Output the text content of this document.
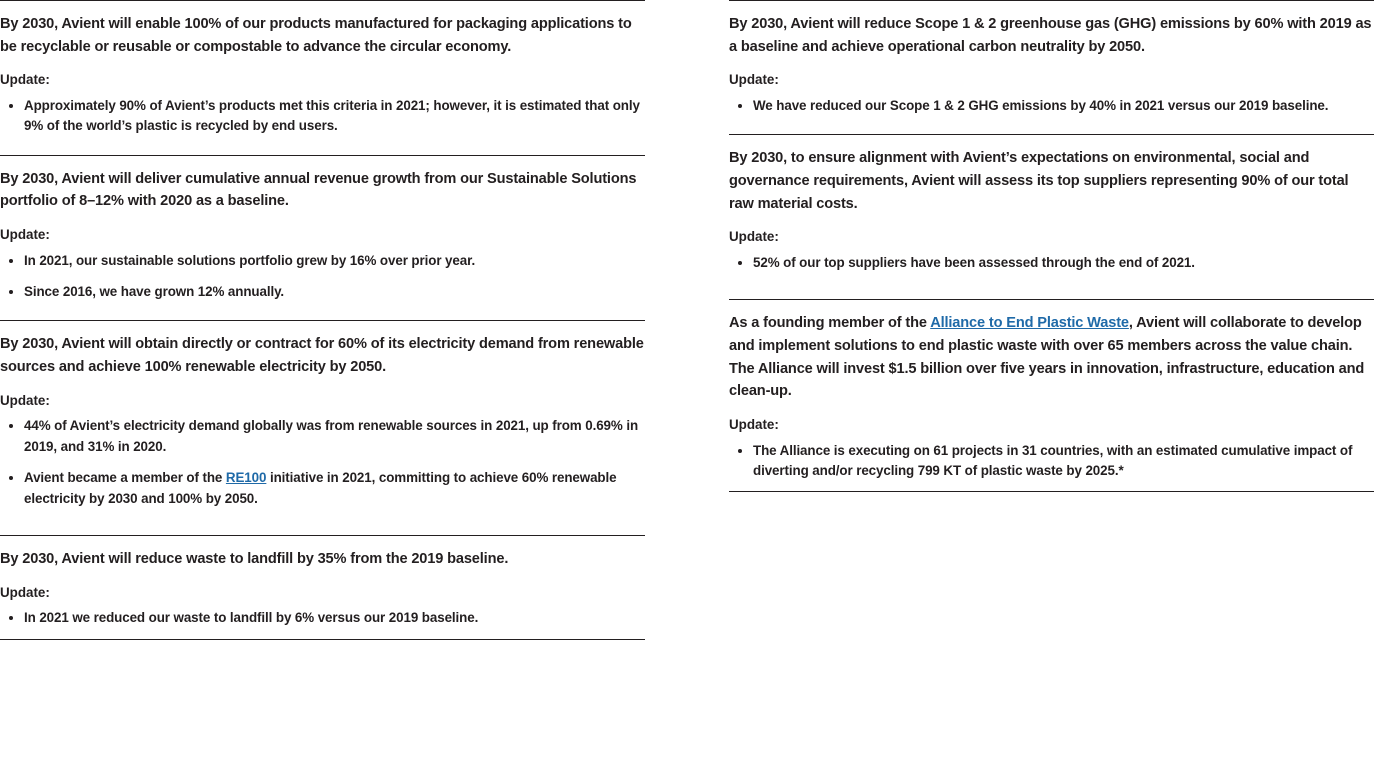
By 2030, Avient will enable 100% of our products manufactured for packaging applications to be recyclable or reusable or compostable to advance the circular economy.

Update:

Approximately 90% of Avient’s products met this criteria in 2021; however, it is estimated that only 9% of the world’s plastic is recycled by end users.

By 2030, Avient will deliver cumulative annual revenue growth from our Sustainable Solutions portfolio of 8–12% with 2020 as a baseline.

Update:

In 2021, our sustainable solutions portfolio grew by 16% over prior year.
Since 2016, we have grown 12% annually.

By 2030, Avient will obtain directly or contract for 60% of its electricity demand from renewable sources and achieve 100% renewable electricity by 2050.

Update:

44% of Avient’s electricity demand globally was from renewable sources in 2021, up from 0.69% in 2019, and 31% in 2020.
Avient became a member of the RE100 initiative in 2021, committing to achieve 60% renewable electricity by 2030 and 100% by 2050.

By 2030, Avient will reduce waste to landfill by 35% from the 2019 baseline.

Update:

In 2021 we reduced our waste to landfill by 6% versus our 2019 baseline.

By 2030, Avient will reduce Scope 1 & 2 greenhouse gas (GHG) emissions by 60% with 2019 as a baseline and achieve operational carbon neutrality by 2050.

Update:

We have reduced our Scope 1 & 2 GHG emissions by 40% in 2021 versus our 2019 baseline.

By 2030, to ensure alignment with Avient’s expectations on environmental, social and governance requirements, Avient will assess its top suppliers representing 90% of our total raw material costs.

Update:

52% of our top suppliers have been assessed through the end of 2021.

As a founding member of the Alliance to End Plastic Waste, Avient will collaborate to develop and implement solutions to end plastic waste with over 65 members across the value chain. The Alliance will invest $1.5 billion over five years in innovation, infrastructure, education and clean-up.

Update:

The Alliance is executing on 61 projects in 31 countries, with an estimated cumulative impact of diverting and/or recycling 799 KT of plastic waste by 2025.*
